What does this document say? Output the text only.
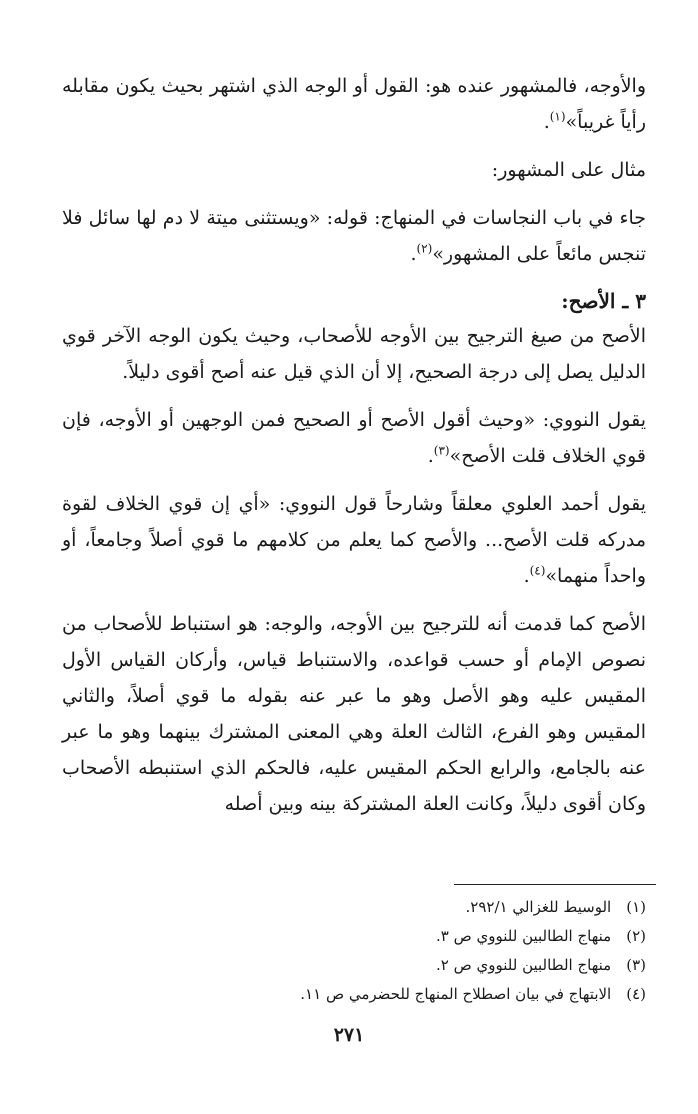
والأوجه، فالمشهور عنده هو: القول أو الوجه الذي اشتهر بحيث يكون مقابله رأياً غريباً»$^{(١)}$.

مثال على المشهور:

جاء في باب النجاسات في المنهاج: قوله: «ويستثنى ميتة لا دم لها سائل فلا تنجس مائعاً على المشهور»$^{(٢)}$.

٣ ـ الأصح:

الأصح من صيغ الترجيح بين الأوجه للأصحاب، وحيث يكون الوجه الآخر قوي الدليل يصل إلى درجة الصحيح، إلا أن الذي قيل عنه أصح أقوى دليلاً.

يقول النووي: «وحيث أقول الأصح أو الصحيح فمن الوجهين أو الأوجه، فإن قوي الخلاف قلت الأصح»$^{(٣)}$.

يقول أحمد العلوي معلقاً وشارحاً قول النووي: «أي إن قوي الخلاف لقوة مدركه قلت الأصح... والأصح كما يعلم من كلامهم ما قوي أصلاً وجامعاً، أو واحداً منهما»$^{(٤)}$.

الأصح كما قدمت أنه للترجيح بين الأوجه، والوجه: هو استنباط للأصحاب من نصوص الإمام أو حسب قواعده، والاستنباط قياس، وأركان القياس الأول المقيس عليه وهو الأصل وهو ما عبر عنه بقوله ما قوي أصلاً، والثاني المقيس وهو الفرع، الثالث العلة وهي المعنى المشترك بينهما وهو ما عبر عنه بالجامع، والرابع الحكم المقيس عليه، فالحكم الذي استنبطه الأصحاب وكان أقوى دليلاً، وكانت العلة المشتركة بينه وبين أصله

(١) الوسيط للغزالي ٢٩٢/١.
(٢) منهاج الطالبين للنووي ص ٣.
(٣) منهاج الطالبين للنووي ص ٢.
(٤) الابتهاج في بيان اصطلاح المنهاج للحضرمي ص ١١.
٢٧١
